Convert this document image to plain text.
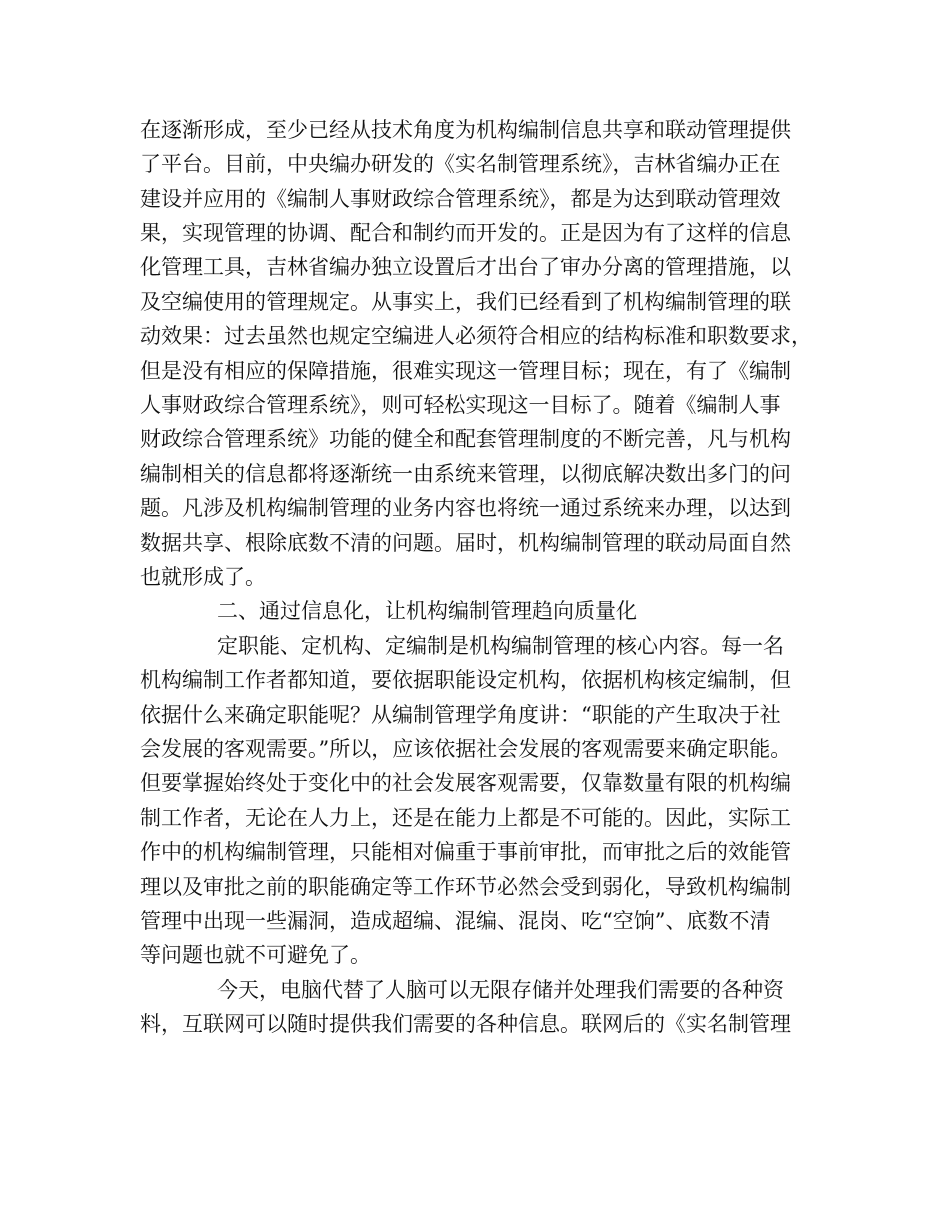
在逐渐形成，至少已经从技术角度为机构编制信息共享和联动管理提供

了平台。目前，中央编办研发的《实名制管理系统》，吉林省编办正在

建设并应用的《编制人事财政综合管理系统》，都是为达到联动管理效

果，实现管理的协调、配合和制约而开发的。正是因为有了这样的信息

化管理工具，吉林省编办独立设置后才出台了审办分离的管理措施，以

及空编使用的管理规定。从事实上，我们已经看到了机构编制管理的联

动效果：过去虽然也规定空编进人必须符合相应的结构标准和职数要求，

但是没有相应的保障措施，很难实现这一管理目标；现在，有了《编制

人事财政综合管理系统》，则可轻松实现这一目标了。随着《编制人事

财政综合管理系统》功能的健全和配套管理制度的不断完善，凡与机构

编制相关的信息都将逐渐统一由系统来管理，以彻底解决数出多门的问

题。凡涉及机构编制管理的业务内容也将统一通过系统来办理，以达到

数据共享、根除底数不清的问题。届时，机构编制管理的联动局面自然

也就形成了。

二、通过信息化，让机构编制管理趋向质量化

定职能、定机构、定编制是机构编制管理的核心内容。每一名

机构编制工作者都知道，要依据职能设定机构，依据机构核定编制，但

依据什么来确定职能呢？从编制管理学角度讲：“职能的产生取决于社

会发展的客观需要。”所以，应该依据社会发展的客观需要来确定职能。

但要掌握始终处于变化中的社会发展客观需要，仅靠数量有限的机构编

制工作者，无论在人力上，还是在能力上都是不可能的。因此，实际工

作中的机构编制管理，只能相对偏重于事前审批，而审批之后的效能管

理以及审批之前的职能确定等工作环节必然会受到弱化，导致机构编制

管理中出现一些漏洞，造成超编、混编、混岗、吃“空饷”、底数不清

等问题也就不可避免了。

今天，电脑代替了人脑可以无限存储并处理我们需要的各种资

料，互联网可以随时提供我们需要的各种信息。联网后的《实名制管理
